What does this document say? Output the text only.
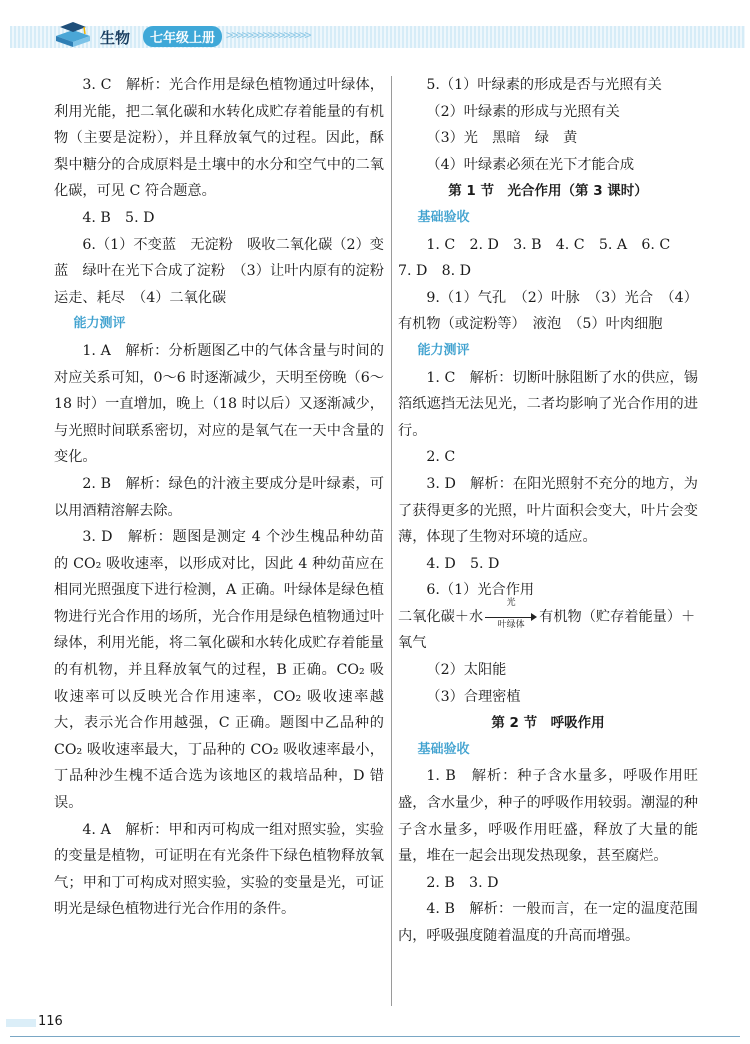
生物	七年级上册 >>>>>>>>>>>>>>>>

3. C　解析：光合作用是绿色植物通过叶绿体，利用光能，把二氧化碳和水转化成贮存着能量的有机物（主要是淀粉），并且释放氧气的过程。因此，酥梨中糖分的合成原料是土壤中的水分和空气中的二氧化碳，可见 C 符合题意。

4. B　5. D

6.（1）不变蓝　无淀粉　吸收二氧化碳（2）变蓝　绿叶在光下合成了淀粉　（3）让叶内原有的淀粉运走、耗尽　（4）二氧化碳

能力测评

1. A　解析：分析题图乙中的气体含量与时间的对应关系可知，0～6 时逐渐减少，天明至傍晚（6～18 时）一直增加，晚上（18 时以后）又逐渐减少，与光照时间联系密切，对应的是氧气在一天中含量的变化。

2. B　解析：绿色的汁液主要成分是叶绿素，可以用酒精溶解去除。

3. D　解析：题图是测定 4 个沙生槐品种幼苗的 CO₂ 吸收速率，以形成对比，因此 4 种幼苗应在相同光照强度下进行检测，A 正确。叶绿体是绿色植物进行光合作用的场所，光合作用是绿色植物通过叶绿体，利用光能，将二氧化碳和水转化成贮存着能量的有机物，并且释放氧气的过程，B 正确。CO₂ 吸收速率可以反映光合作用速率，CO₂ 吸收速率越大，表示光合作用越强，C 正确。题图中乙品种的 CO₂ 吸收速率最大，丁品种的 CO₂ 吸收速率最小，丁品种沙生槐不适合选为该地区的栽培品种，D 错误。

4. A　解析：甲和丙可构成一组对照实验，实验的变量是植物，可证明在有光条件下绿色植物释放氧气；甲和丁可构成对照实验，实验的变量是光，可证明光是绿色植物进行光合作用的条件。

5.（1）叶绿素的形成是否与光照有关

（2）叶绿素的形成与光照有关

（3）光　黑暗　绿　黄

（4）叶绿素必须在光下才能合成

第 1 节　光合作用（第 3 课时）

基础验收

1. C　2. D　3. B　4. C　5. A　6. C

7. D　8. D

9.（1）气孔　（2）叶脉　（3）光合　（4）有机物（或淀粉等）　液泡　（5）叶肉细胞

能力测评

1. C　解析：切断叶脉阻断了水的供应，锡箔纸遮挡无法见光，二者均影响了光合作用的进行。

2. C

3. D　解析：在阳光照射不充分的地方，为了获得更多的光照，叶片面积会变大，叶片会变薄，体现了生物对环境的适应。

4. D　5. D

6.（1）光合作用

二氧化碳＋水
光
叶绿体	有机物（贮存着能量）＋

氧气

（2）太阳能

（3）合理密植

第 2 节　呼吸作用

基础验收

1. B　解析：种子含水量多，呼吸作用旺盛，含水量少，种子的呼吸作用较弱。潮湿的种子含水量多，呼吸作用旺盛，释放了大量的能量，堆在一起会出现发热现象，甚至腐烂。

2. B　3. D

4. B　解析：一般而言，在一定的温度范围内，呼吸强度随着温度的升高而增强。

116
